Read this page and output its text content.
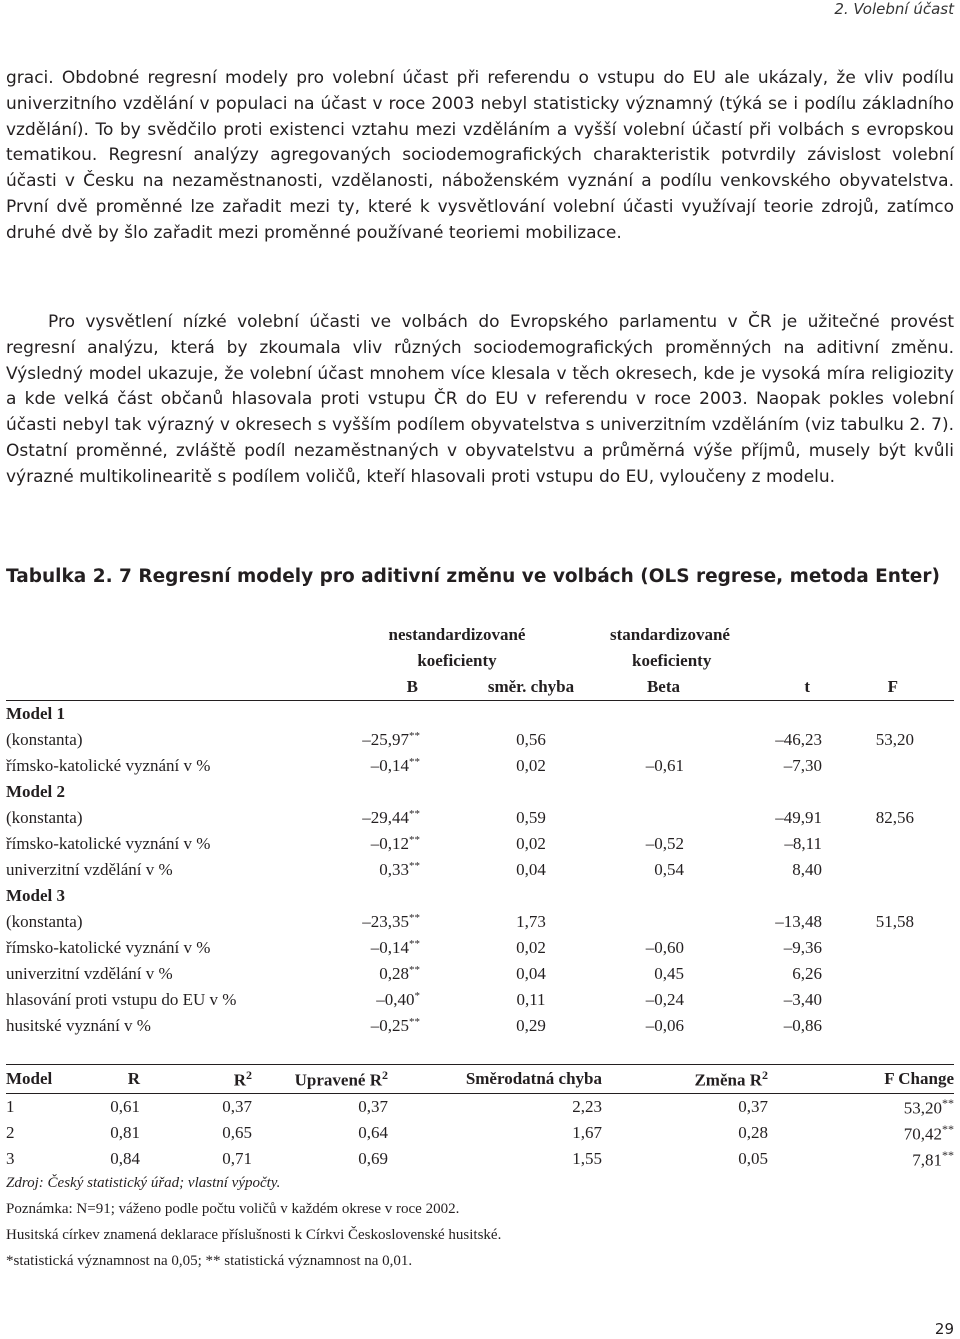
2. Volební účast

graci. Obdobné regresní modely pro volební účast při referendu o vstupu do EU ale ukázaly, že vliv podílu univerzitního vzdělání v populaci na účast v roce 2003 nebyl statisticky významný (týká se i podílu základního vzdělání). To by svědčilo proti existenci vztahu mezi vzděláním a vyšší volební účastí při volbách s evropskou tematikou. Regresní analýzy agregovaných sociodemografických charakteristik potvrdily závislost volební účasti v Česku na nezaměstnanosti, vzdělanosti, náboženském vyznání a podílu venkovského obyvatelstva. První dvě proměnné lze zařadit mezi ty, které k vysvětlování volební účasti využívají teorie zdrojů, zatímco druhé dvě by šlo zařadit mezi proměnné používané teoriemi mobilizace.

Pro vysvětlení nízké volební účasti ve volbách do Evropského parlamentu v ČR je užitečné provést regresní analýzu, která by zkoumala vliv různých sociodemografických proměnných na aditivní změnu. Výsledný model ukazuje, že volební účast mnohem více klesala v těch okresech, kde je vysoká míra religiozity a kde velká část občanů hlasovala proti vstupu ČR do EU v referendu v roce 2003. Naopak pokles volební účasti nebyl tak výrazný v okresech s vyšším podílem obyvatelstva s univerzitním vzděláním (viz tabulku 2. 7). Ostatní proměnné, zvláště podíl nezaměstnaných v obyvatelstvu a průměrná výše příjmů, musely být kvůli výrazné multikolinearitě s podílem voličů, kteří hlasovali proti vstupu do EU, vyloučeny z modelu.

Tabulka 2. 7 Regresní modely pro aditivní změnu ve volbách (OLS regrese, metoda Enter)
	nestandardizované		standardizované		
	koeficienty		koeficienty		
	B	směr. chyba	Beta	t	F
Model 1					
(konstanta)	–25,97**	0,56		–46,23	53,20
římsko-katolické vyznání v %	–0,14**	0,02	–0,61	–7,30	
Model 2					
(konstanta)	–29,44**	0,59		–49,91	82,56
římsko-katolické vyznání v %	–0,12**	0,02	–0,52	–8,11	
univerzitní vzdělání v %	0,33**	0,04	0,54	8,40	
Model 3					
(konstanta)	–23,35**	1,73		–13,48	51,58
římsko-katolické vyznání v %	–0,14**	0,02	–0,60	–9,36	
univerzitní vzdělání v %	0,28**	0,04	0,45	6,26	
hlasování proti vstupu do EU v %	–0,40*	0,11	–0,24	–3,40	
husitské vyznání v %	–0,25**	0,29	–0,06	–0,86	
Model	R	$R^2$	Upravené $R^2$	Směrodatná chyba	Změna $R^2$	F Change
1	0,61	0,37	0,37	2,23	0,37	53,20**
2	0,81	0,65	0,64	1,67	0,28	70,42**
3	0,84	0,71	0,69	1,55	0,05	7,81**
Zdroj: Český statistický úřad; vlastní výpočty.
Poznámka: N=91; váženo podle počtu voličů v každém okrese v roce 2002.
Husitská církev znamená deklarace příslušnosti k Církvi Československé husitské.
*statistická významnost na 0,05; ** statistická významnost na 0,01.
29
